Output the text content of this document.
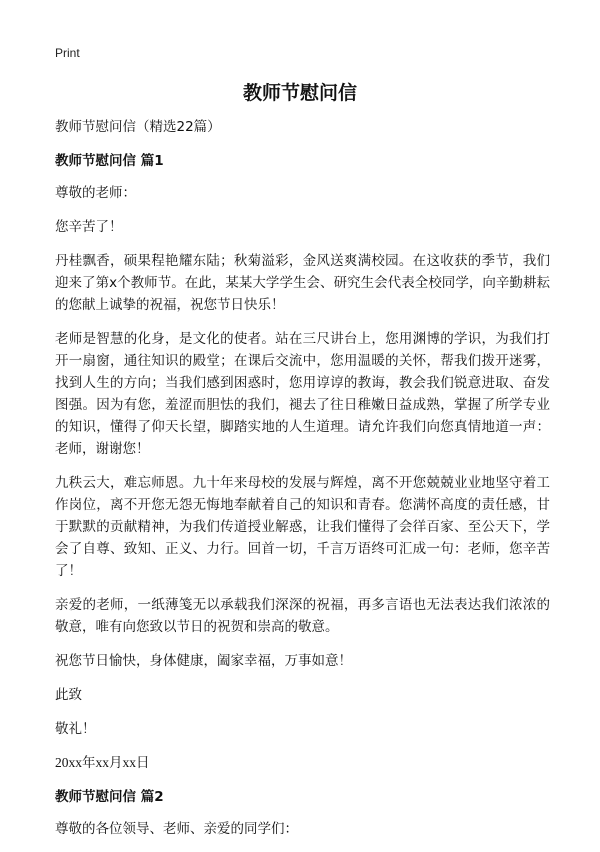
Print
教师节慰问信

教师节慰问信（精选22篇）

教师节慰问信 篇1

尊敬的老师：

您辛苦了！

丹桂飘香，硕果程艳耀东陆；秋菊溢彩，金风送爽满校园。在这收获的季节，我们迎来了第x个教师节。在此，某某大学学生会、研究生会代表全校同学，向辛勤耕耘的您献上诚挚的祝福，祝您节日快乐！

老师是智慧的化身，是文化的使者。站在三尺讲台上，您用渊博的学识，为我们打开一扇窗，通往知识的殿堂；在课后交流中，您用温暖的关怀，帮我们拨开迷雾，找到人生的方向；当我们感到困惑时，您用谆谆的教诲，教会我们锐意进取、奋发图强。因为有您，羞涩而胆怯的我们，褪去了往日稚嫩日益成熟，掌握了所学专业的知识，懂得了仰天长望，脚踏实地的人生道理。请允许我们向您真情地道一声：老师，谢谢您！

九秩云大，难忘师恩。九十年来母校的发展与辉煌，离不开您兢兢业业地坚守着工作岗位，离不开您无怨无悔地奉献着自己的知识和青春。您满怀高度的责任感，甘于默默的贡献精神，为我们传道授业解惑，让我们懂得了会徉百家、至公天下，学会了自尊、致知、正义、力行。回首一切，千言万语终可汇成一句：老师，您辛苦了！

亲爱的老师，一纸薄笺无以承载我们深深的祝福，再多言语也无法表达我们浓浓的敬意，唯有向您致以节日的祝贺和崇高的敬意。

祝您节日愉快，身体健康，阖家幸福，万事如意！

此致

敬礼！

20xx年xx月xx日

教师节慰问信 篇2

尊敬的各位领导、老师、亲爱的同学们：
